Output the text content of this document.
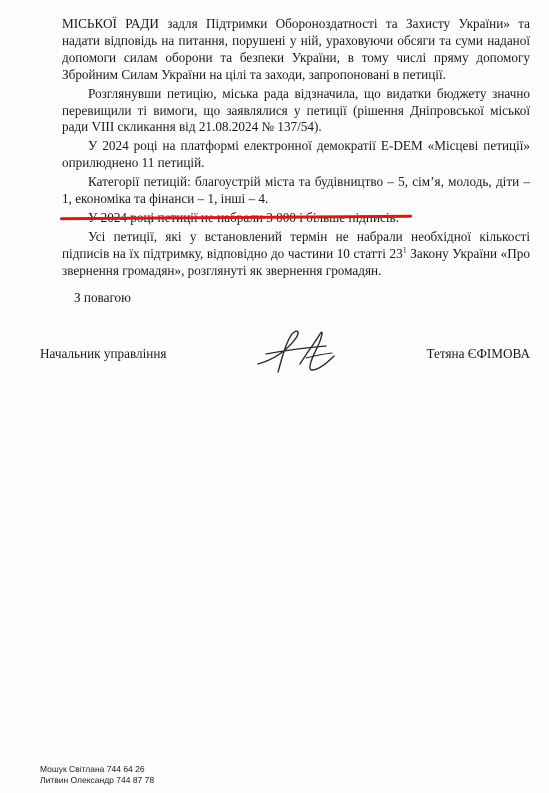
МІСЬКОЇ РАДИ задля Підтримки Обороноздатності та Захисту України» та надати відповідь на питання, порушені у ній, ураховуючи обсяги та суми наданої допомоги силам оборони та безпеки України, в тому числі пряму допомогу Збройним Силам України на цілі та заходи, запропоновані в петиції.

Розглянувши петицію, міська рада відзначила, що видатки бюджету значно перевищили ті вимоги, що заявлялися у петиції (рішення Дніпровської міської ради VIII скликання від 21.08.2024 № 137/54).

У 2024 році на платформі електронної демократії E-DEM «Місцеві петиції» оприлюднено 11 петицій.

Категорії петицій: благоустрій міста та будівництво – 5, сім’я, молодь, діти – 1, економіка та фінанси – 1, інші – 4.

Усі петиції, які у встановлений термін не набрали необхідної кількості підписів на їх підтримку, відповідно до частини 10 статті $23^1$ Закону України «Про звернення громадян», розглянуті як звернення громадян.

З повагою
Начальник управління	Тетяна ЄФІМОВА
Мошук Світлана 744 64 26
Литвин Олександр 744 87 78
